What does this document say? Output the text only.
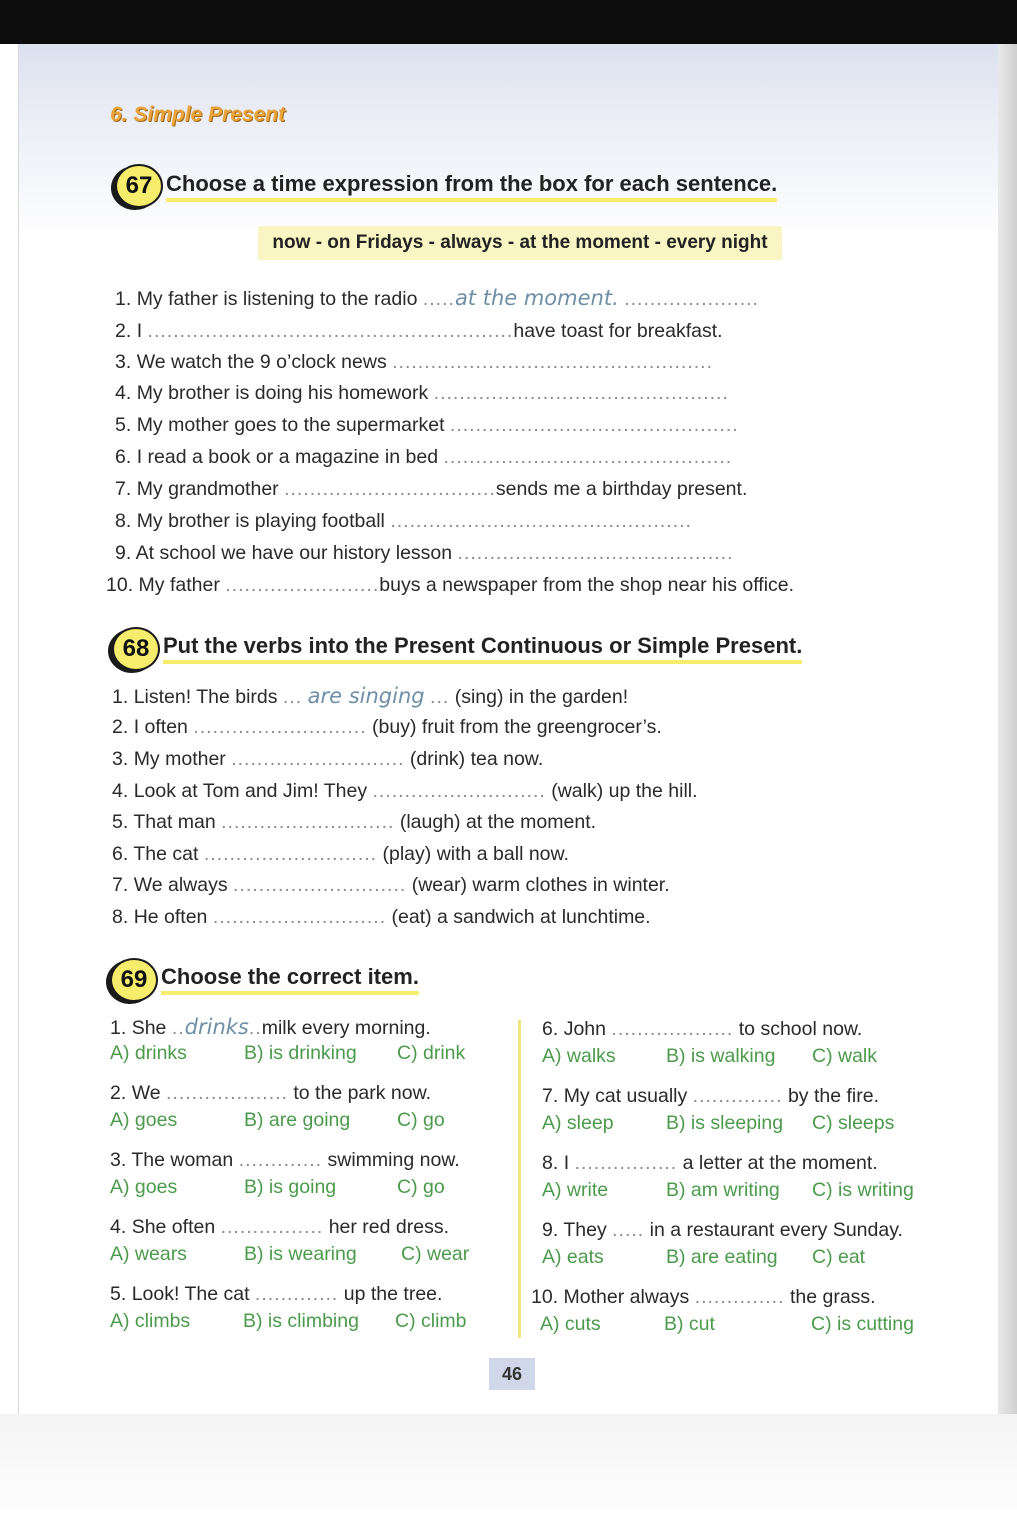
6. Simple Present
67 Choose a time expression from the box for each sentence.
now - on Fridays - always - at the moment - every night
1. My father is listening to the radio .....at the moment. .....................
2. I .........................................................have toast for breakfast.
3. We watch the 9 o’clock news ..................................................
4. My brother is doing his homework ..............................................
5. My mother goes to the supermarket .............................................
6. I read a book or a magazine in bed .............................................
7. My grandmother .................................sends me a birthday present.
8. My brother is playing football ...............................................
9. At school we have our history lesson ...........................................
10. My father ........................buys a newspaper from the shop near his office.
68 Put the verbs into the Present Continuous or Simple Present.
1. Listen! The birds ... are singing ... (sing) in the garden!
2. I often ........................... (buy) fruit from the greengrocer’s.
3. My mother ........................... (drink) tea now.
4. Look at Tom and Jim! They ........................... (walk) up the hill.
5. That man ........................... (laugh) at the moment.
6. The cat ........................... (play) with a ball now.
7. We always ........................... (wear) warm clothes in winter.
8. He often ........................... (eat) a sandwich at lunchtime.
69 Choose the correct item.
1. She ..drinks..milk every morning.
A) drinks	B) is drinking C) drink
2. We ................... to the park now.
A) goes	B) are going C) go
3. The woman ............. swimming now.
A) goes	B) is going	C) go
4. She often ................ her red dress.
A) wears	B) is wearing C) wear
5. Look! The cat ............. up the tree.
A) climbs	B) is climbing C) climb
6. John ................... to school now.
A) walks	B) is walking C) walk
7. My cat usually .............. by the fire.
A) sleep	B) is sleeping C) sleeps
8. I ................ a letter at the moment.
A) write	B) am writing C) is writing
9. They ..... in a restaurant every Sunday.
A) eats	B) are eating C) eat
10. Mother always .............. the grass.
A) cuts	B) cut	C) is cutting
46
